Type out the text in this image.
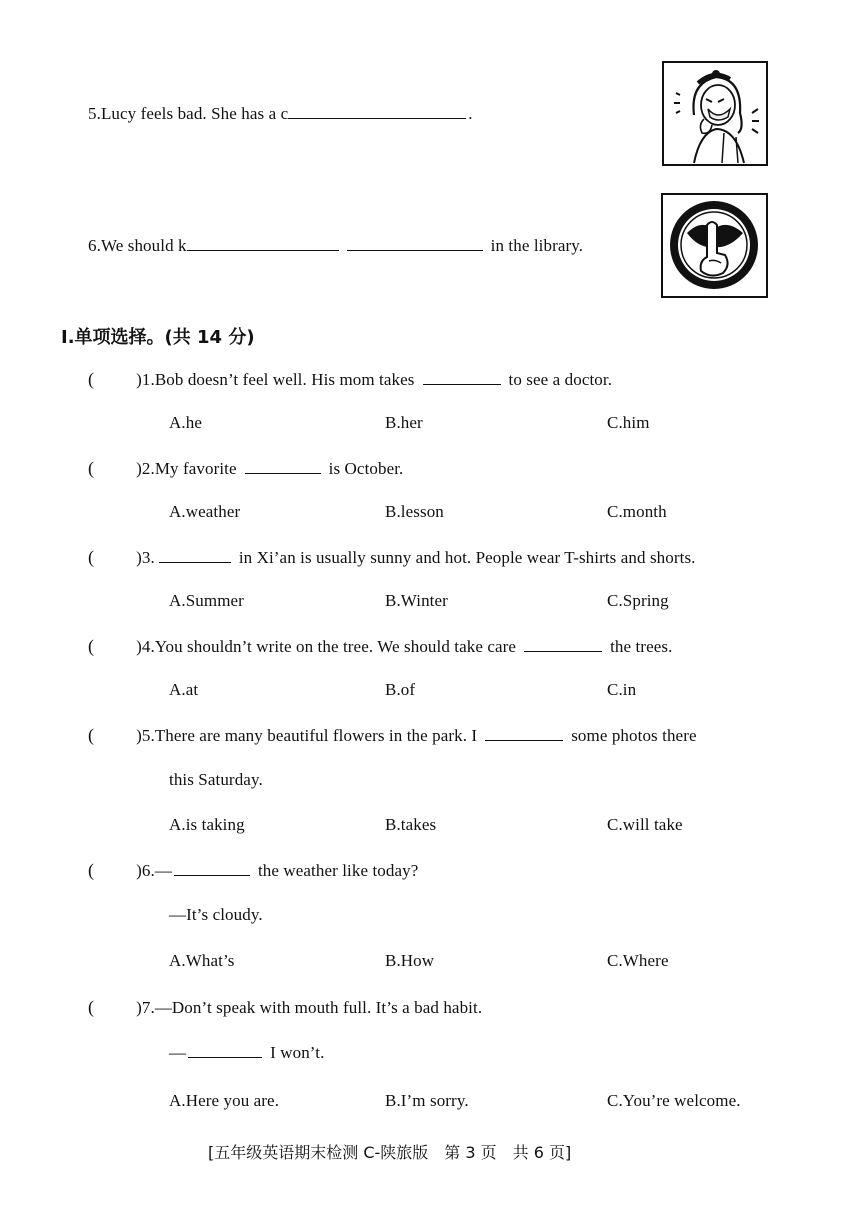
5.Lucy feels bad. She has a c	.
6.We should k	in the library.
Ⅰ.单项选择。(共 14 分)
( )1.Bob doesn’t feel well. His mom takes	to see a doctor.
A.he	B.her	C.him
( )2.My favorite	is October.
A.weather	B.lesson	C.month
( )3.	in Xi’an is usually sunny and hot. People wear T-shirts and shorts.
A.Summer	B.Winter	C.Spring
( )4.You shouldn’t write on the tree. We should take care	the trees.
A.at	B.of	C.in
( )5.There are many beautiful flowers in the park. I	some photos there
this Saturday.
A.is taking	B.takes	C.will take
( )6.—	the weather like today?
—It’s cloudy.
A.What’s	B.How	C.Where
( )7.—Don’t speak with mouth full. It’s a bad habit.
—	I won’t.
A.Here you are.	B.I’m sorry.	C.You’re welcome.
[五年级英语期末检测 C-陕旅版　第 3 页　共 6 页]
